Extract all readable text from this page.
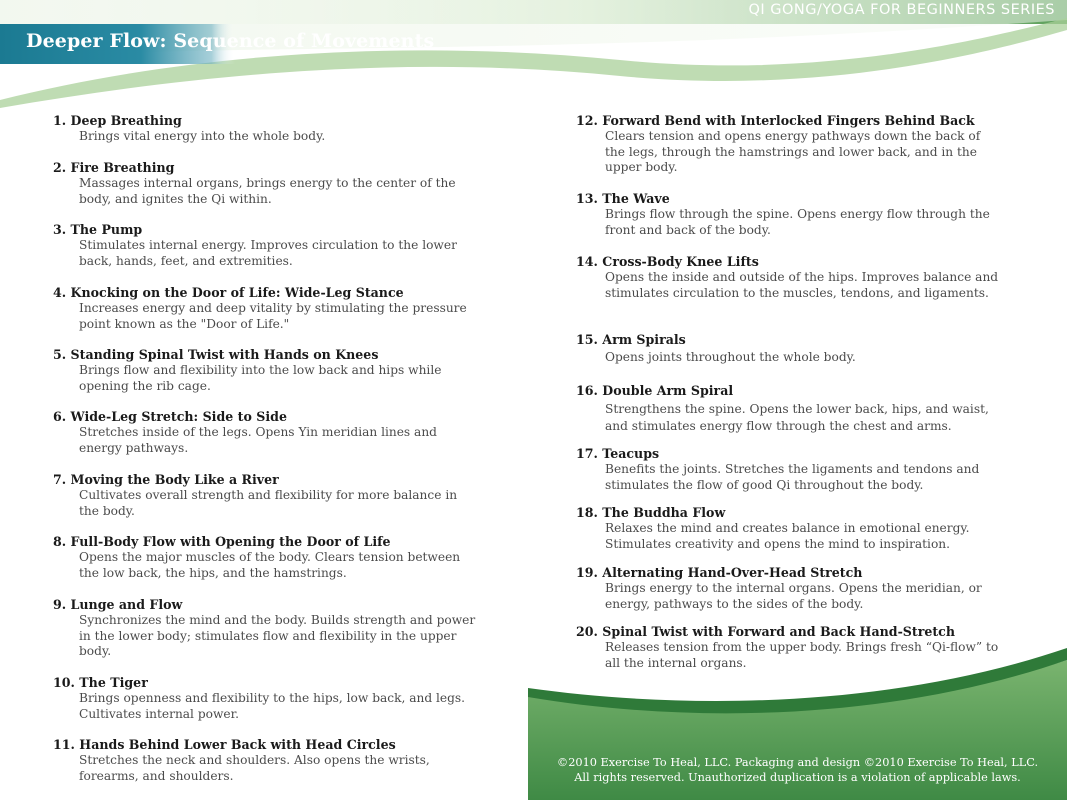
QI GONG/YOGA FOR BEGINNERS SERIES
Deeper Flow: Sequence of Movements
1. Deep Breathing
Brings vital energy into the whole body.
2. Fire Breathing
Massages internal organs, brings energy to the center of the body, and ignites the Qi within.
3. The Pump
Stimulates internal energy. Improves circulation to the lower back, hands, feet, and extremities.
4. Knocking on the Door of Life: Wide-Leg Stance
Increases energy and deep vitality by stimulating the pressure point known as the "Door of Life."
5. Standing Spinal Twist with Hands on Knees
Brings flow and flexibility into the low back and hips while opening the rib cage.
6. Wide-Leg Stretch: Side to Side
Stretches inside of the legs. Opens Yin meridian lines and energy pathways.
7. Moving the Body Like a River
Cultivates overall strength and flexibility for more balance in the body.
8. Full-Body Flow with Opening the Door of Life
Opens the major muscles of the body. Clears tension between the low back, the hips, and the hamstrings.
9. Lunge and Flow
Synchronizes the mind and the body. Builds strength and power in the lower body; stimulates flow and flexibility in the upper body.
10. The Tiger
Brings openness and flexibility to the hips, low back, and legs. Cultivates internal power.
11. Hands Behind Lower Back with Head Circles
Stretches the neck and shoulders. Also opens the wrists, forearms, and shoulders.
12. Forward Bend with Interlocked Fingers Behind Back
Clears tension and opens energy pathways down the back of the legs, through the hamstrings and lower back, and in the upper body.
13. The Wave
Brings flow through the spine. Opens energy flow through the front and back of the body.
14. Cross-Body Knee Lifts
Opens the inside and outside of the hips. Improves balance and stimulates circulation to the muscles, tendons, and ligaments.
15. Arm Spirals
Opens joints throughout the whole body.
16. Double Arm Spiral
Strengthens the spine. Opens the lower back, hips, and waist, and stimulates energy flow through the chest and arms.
17. Teacups
Benefits the joints. Stretches the ligaments and tendons and stimulates the flow of good Qi throughout the body.
18. The Buddha Flow
Relaxes the mind and creates balance in emotional energy. Stimulates creativity and opens the mind to inspiration.
19. Alternating Hand-Over-Head Stretch
Brings energy to the internal organs. Opens the meridian, or energy, pathways to the sides of the body.
20. Spinal Twist with Forward and Back Hand-Stretch
Releases tension from the upper body. Brings fresh “Qi-flow” to all the internal organs.
©2010 Exercise To Heal, LLC. Packaging and design ©2010 Exercise To Heal, LLC.
All rights reserved. Unauthorized duplication is a violation of applicable laws.
